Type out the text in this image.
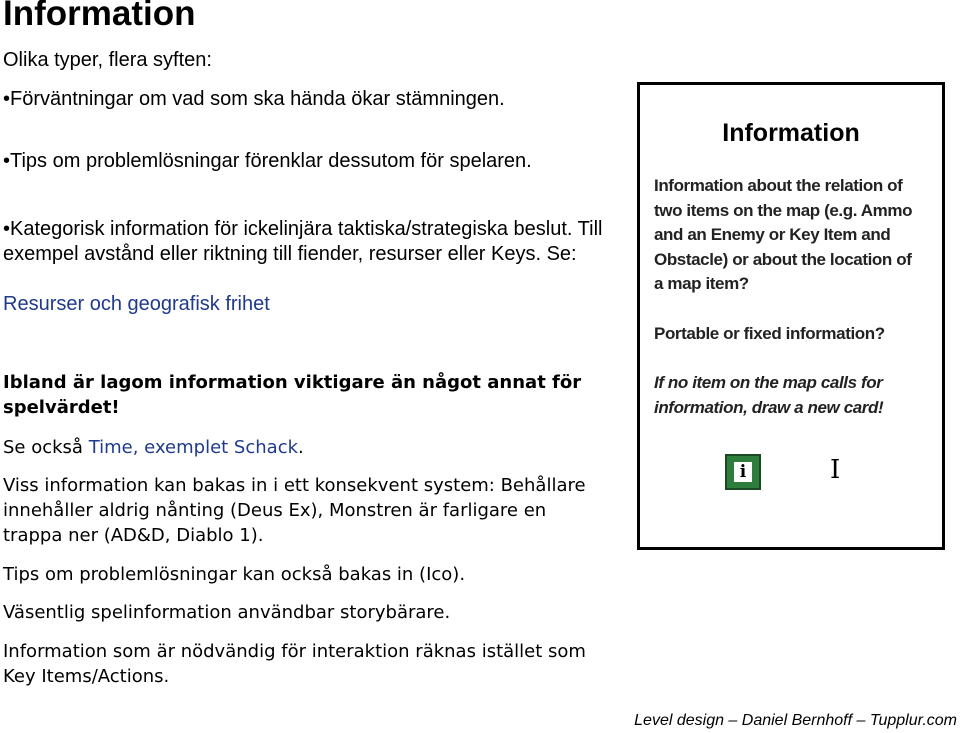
Information

Olika typer, flera syften:

•Förväntningar om vad som ska hända ökar stämningen.

•Tips om problemlösningar förenklar dessutom för spelaren.

•Kategorisk information för ickelinjära taktiska/strategiska beslut. Till exempel avstånd eller riktning till fiender, resurser eller Keys. Se:

Resurser och geografisk frihet

Ibland är lagom information viktigare än något annat för spelvärdet!

Se också Time, exemplet Schack.

Viss information kan bakas in i ett konsekvent system: Behållare innehåller aldrig nånting (Deus Ex), Monstren är farligare en trappa ner (AD&D, Diablo 1).

Tips om problemlösningar kan också bakas in (Ico).

Väsentlig spelinformation användbar storybärare.

Information som är nödvändig för interaktion räknas istället som Key Items/Actions.

Information
Information about the relation of two items on the map (e.g. Ammo and an Enemy or Key Item and Obstacle) or about the location of a map item?
Portable or fixed information?
If no item on the map calls for information, draw a new card!
i	I
Level design – Daniel Bernhoff – Tupplur.com
